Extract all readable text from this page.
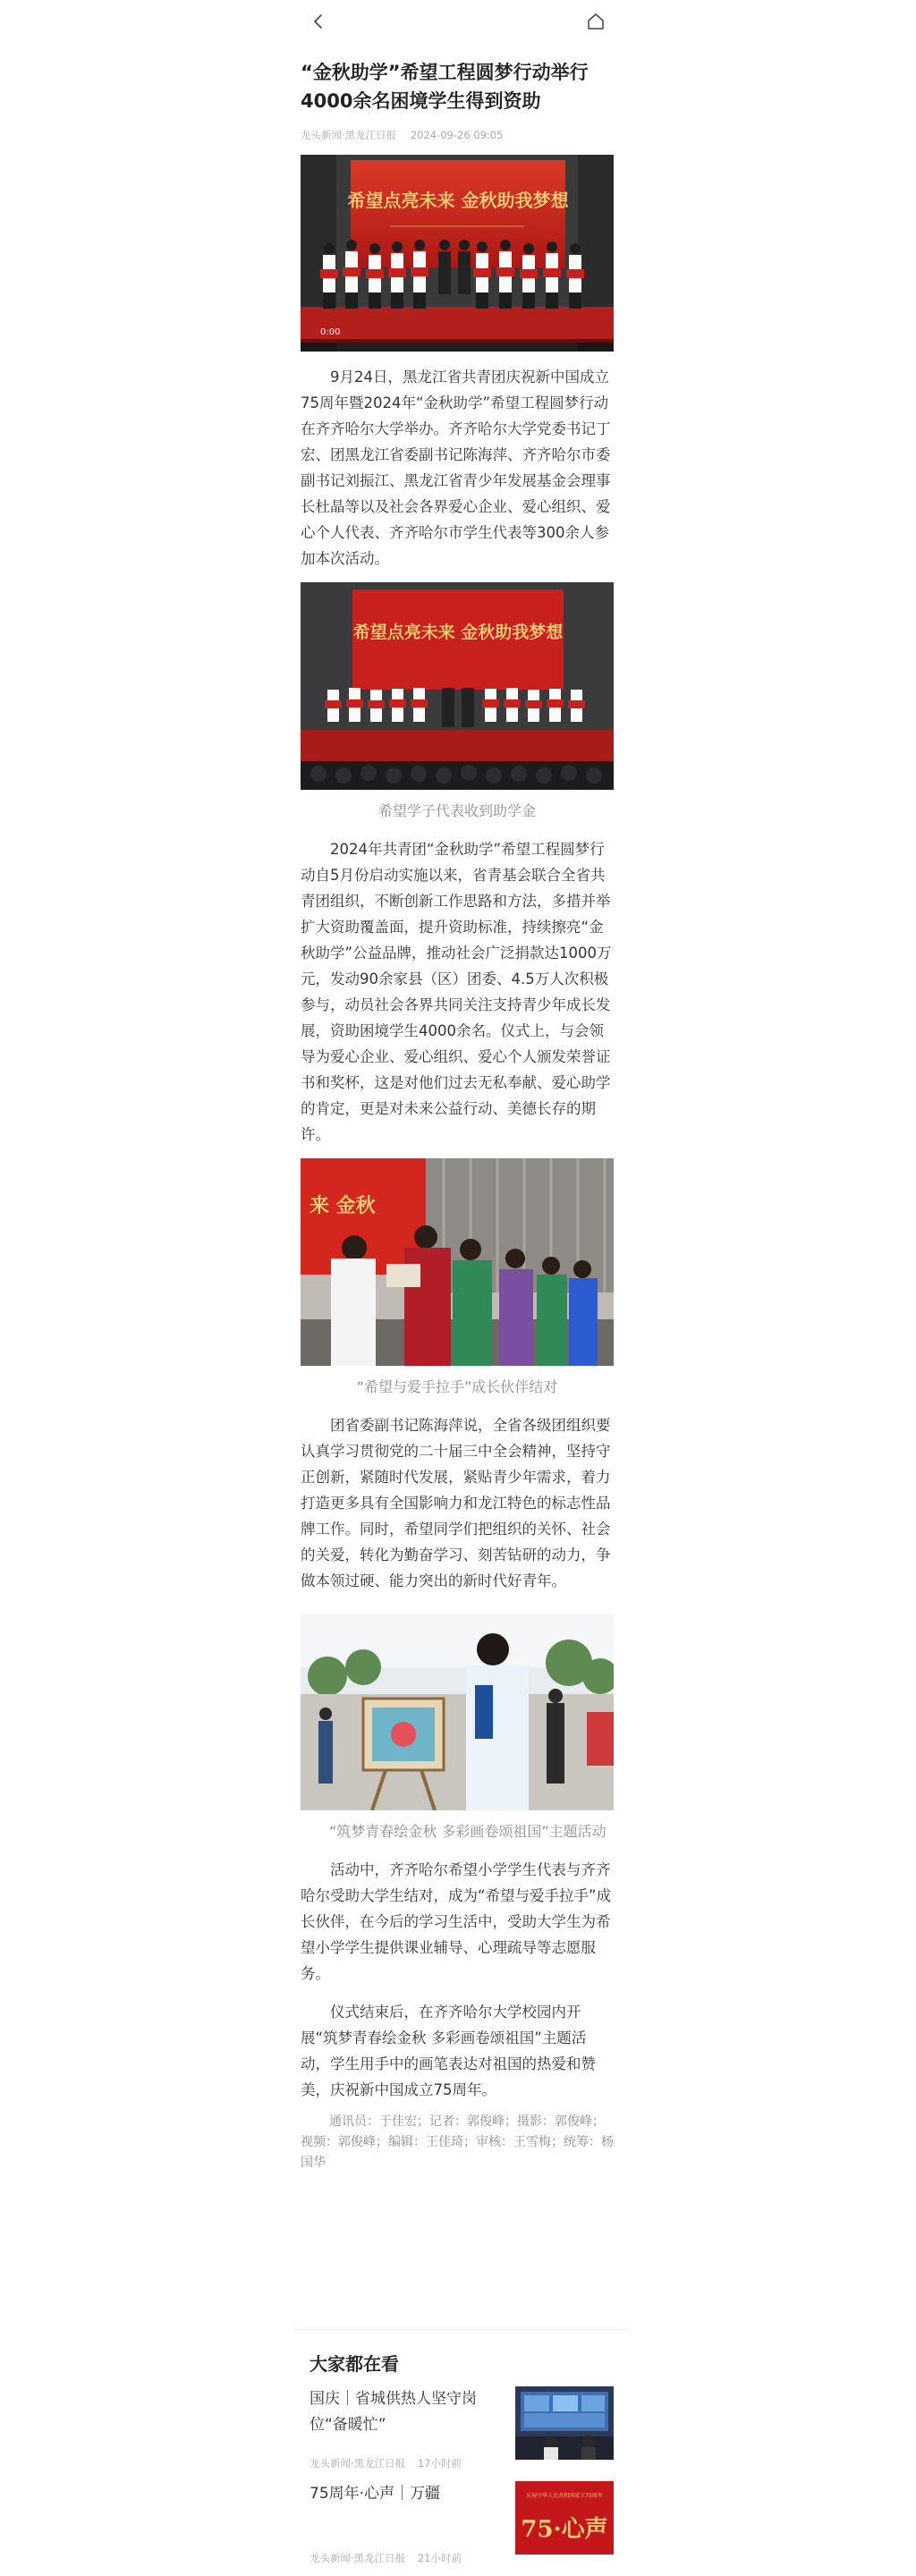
“金秋助学”希望工程圆梦行动举行4000余名困境学生得到资助
龙头新闻·黑龙江日报 2024-09-26 09:05
希望点亮未来 金秋助我梦想
0:00

9月24日，黑龙江省共青团庆祝新中国成立75周年暨2024年“金秋助学”希望工程圆梦行动在齐齐哈尔大学举办。齐齐哈尔大学党委书记丁宏、团黑龙江省委副书记陈海萍、齐齐哈尔市委副书记刘振江、黑龙江省青少年发展基金会理事长杜晶等以及社会各界爱心企业、爱心组织、爱心个人代表、齐齐哈尔市学生代表等300余人参加本次活动。

希望点亮未来 金秋助我梦想
希望学子代表收到助学金

2024年共青团“金秋助学”希望工程圆梦行动自5月份启动实施以来，省青基会联合全省共青团组织，不断创新工作思路和方法，多措并举扩大资助覆盖面，提升资助标准，持续擦亮“金秋助学”公益品牌，推动社会广泛捐款达1000万元，发动90余家县（区）团委、4.5万人次积极参与，动员社会各界共同关注支持青少年成长发展，资助困境学生4000余名。仪式上，与会领导为爱心企业、爱心组织、爱心个人颁发荣誉证书和奖杯，这是对他们过去无私奉献、爱心助学的肯定，更是对未来公益行动、美德长存的期许。

来 金秋
“希望与爱手拉手”成长伙伴结对

团省委副书记陈海萍说，全省各级团组织要认真学习贯彻党的二十届三中全会精神，坚持守正创新，紧随时代发展，紧贴青少年需求，着力打造更多具有全国影响力和龙江特色的标志性品牌工作。同时，希望同学们把组织的关怀、社会的关爱，转化为勤奋学习、刻苦钻研的动力，争做本领过硬、能力突出的新时代好青年。

“筑梦青春绘金秋 多彩画卷颂祖国”主题活动

活动中，齐齐哈尔希望小学学生代表与齐齐哈尔受助大学生结对，成为“希望与爱手拉手”成长伙伴，在今后的学习生活中，受助大学生为希望小学学生提供课业辅导、心理疏导等志愿服务。

仪式结束后，在齐齐哈尔大学校园内开展“筑梦青春绘金秋 多彩画卷颂祖国”主题活动，学生用手中的画笔表达对祖国的热爱和赞美，庆祝新中国成立75周年。

通讯员：于佳宏；记者：郭俊峰；摄影：郭俊峰；视频：郭俊峰；编辑：王佳琦；审核：王雪梅；统筹：杨国华
大家都在看
国庆｜省城供热人坚守岗位“备暖忙”
龙头新闻·黑龙江日报 17小时前
75周年·心声｜万疆
龙头新闻·黑龙江日报 21小时前
庆祝中华人民共和国成立75周年
75·心声
